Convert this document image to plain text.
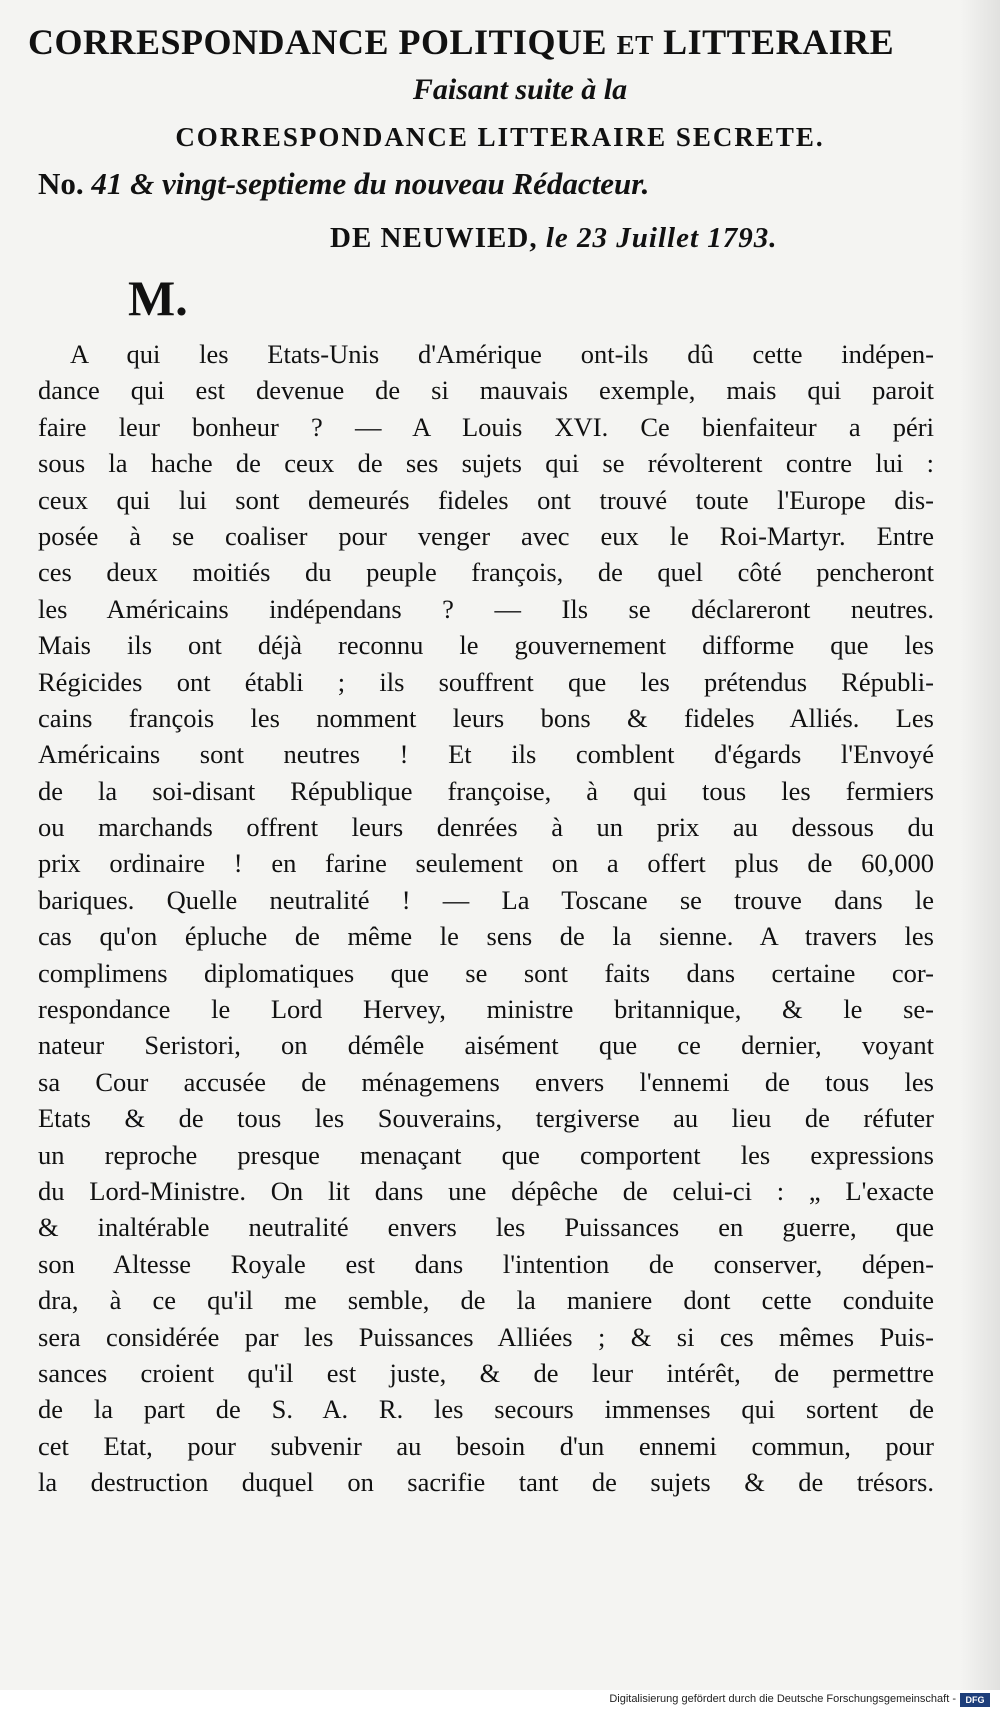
CORRESPONDANCE POLITIQUE ET LITTERAIRE
Faisant suite à la
CORRESPONDANCE LITTERAIRE SECRETE.
No. 41 & vingt-septieme du nouveau Rédacteur.
DE NEUWIED, le 23 Juillet 1793.
M.
A qui les Etats-Unis d'Amérique ont-ils dû cette indépen-
dance qui est devenue de si mauvais exemple, mais qui paroit
faire leur bonheur ? — A Louis XVI. Ce bienfaiteur a péri
sous la hache de ceux de ses sujets qui se révolterent contre lui :
ceux qui lui sont demeurés fideles ont trouvé toute l'Europe dis-
posée à se coaliser pour venger avec eux le Roi-Martyr. Entre
ces deux moitiés du peuple françois, de quel côté pencheront
les Américains indépendans ? — Ils se déclareront neutres.
Mais ils ont déjà reconnu le gouvernement difforme que les
Régicides ont établi ; ils souffrent que les prétendus Républi-
cains françois les nomment leurs bons & fideles Alliés. Les
Américains sont neutres ! Et ils comblent d'égards l'Envoyé
de la soi-disant République françoise, à qui tous les fermiers
ou marchands offrent leurs denrées à un prix au dessous du
prix ordinaire ! en farine seulement on a offert plus de 60,000
bariques. Quelle neutralité ! — La Toscane se trouve dans le
cas qu'on épluche de même le sens de la sienne. A travers les
complimens diplomatiques que se sont faits dans certaine cor-
respondance le Lord Hervey, ministre britannique, & le se-
nateur Seristori, on démêle aisément que ce dernier, voyant
sa Cour accusée de ménagemens envers l'ennemi de tous les
Etats & de tous les Souverains, tergiverse au lieu de réfuter
un reproche presque menaçant que comportent les expressions
du Lord-Ministre. On lit dans une dépêche de celui-ci : „ L'exacte
& inaltérable neutralité envers les Puissances en guerre, que
son Altesse Royale est dans l'intention de conserver, dépen-
dra, à ce qu'il me semble, de la maniere dont cette conduite
sera considérée par les Puissances Alliées ; & si ces mêmes Puis-
sances croient qu'il est juste, & de leur intérêt, de permettre
de la part de S. A. R. les secours immenses qui sortent de
cet Etat, pour subvenir au besoin d'un ennemi commun, pour
la destruction duquel on sacrifie tant de sujets & de trésors.
Digitalisierung gefördert durch die Deutsche Forschungsgemeinschaft -	DFG
